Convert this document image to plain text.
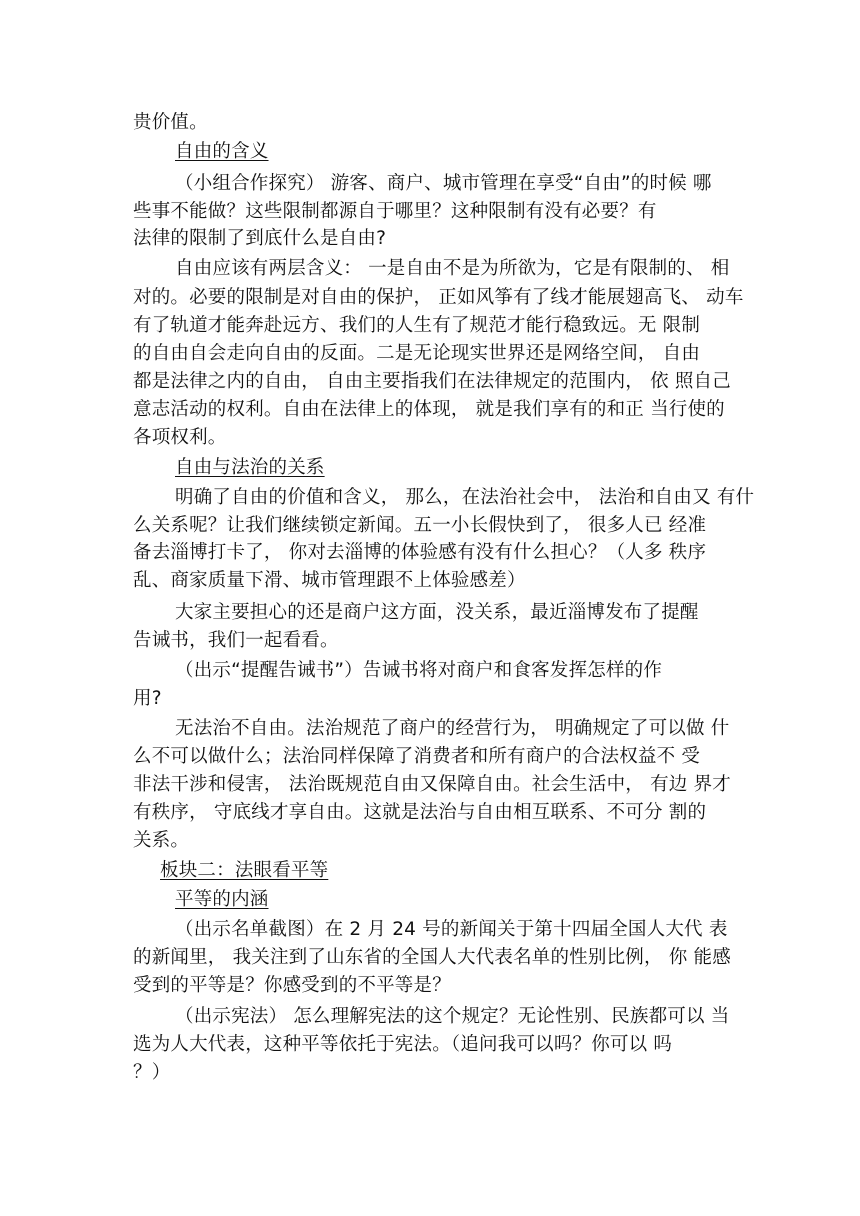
贵价值。
自由的含义
（小组合作探究） 游客、商户、城市管理在享受“自由”的时候 哪
些事不能做？这些限制都源自于哪里？这种限制有没有必要？有
法律的限制了到底什么是自由?
自由应该有两层含义： 一是自由不是为所欲为，它是有限制的、 相
对的。必要的限制是对自由的保护， 正如风筝有了线才能展翅高飞、 动车
有了轨道才能奔赴远方、我们的人生有了规范才能行稳致远。无 限制
的自由自会走向自由的反面。二是无论现实世界还是网络空间， 自由
都是法律之内的自由， 自由主要指我们在法律规定的范围内， 依 照自己
意志活动的权利。自由在法律上的体现， 就是我们享有的和正 当行使的
各项权利。
自由与法治的关系
明确了自由的价值和含义， 那么，在法治社会中， 法治和自由又 有什
么关系呢？让我们继续锁定新闻。五一小长假快到了， 很多人已 经准
备去淄博打卡了， 你对去淄博的体验感有没有什么担心？（人多 秩序
乱、商家质量下滑、城市管理跟不上体验感差）
大家主要担心的还是商户这方面，没关系，最近淄博发布了提醒
告诫书，我们一起看看。
（出示“提醒告诫书”）告诫书将对商户和食客发挥怎样的作
用?
无法治不自由。法治规范了商户的经营行为， 明确规定了可以做 什
么不可以做什么；法治同样保障了消费者和所有商户的合法权益不 受
非法干涉和侵害， 法治既规范自由又保障自由。社会生活中， 有边 界才
有秩序， 守底线才享自由。这就是法治与自由相互联系、不可分 割的
关系。
板块二：法眼看平等
平等的内涵
（出示名单截图）在 2 月 24 号的新闻关于第十四届全国人大代 表
的新闻里， 我关注到了山东省的全国人大代表名单的性别比例， 你 能感
受到的平等是？你感受到的不平等是？
（出示宪法） 怎么理解宪法的这个规定？无论性别、民族都可以 当
选为人大代表，这种平等依托于宪法。（追问我可以吗？你可以 吗
？）
